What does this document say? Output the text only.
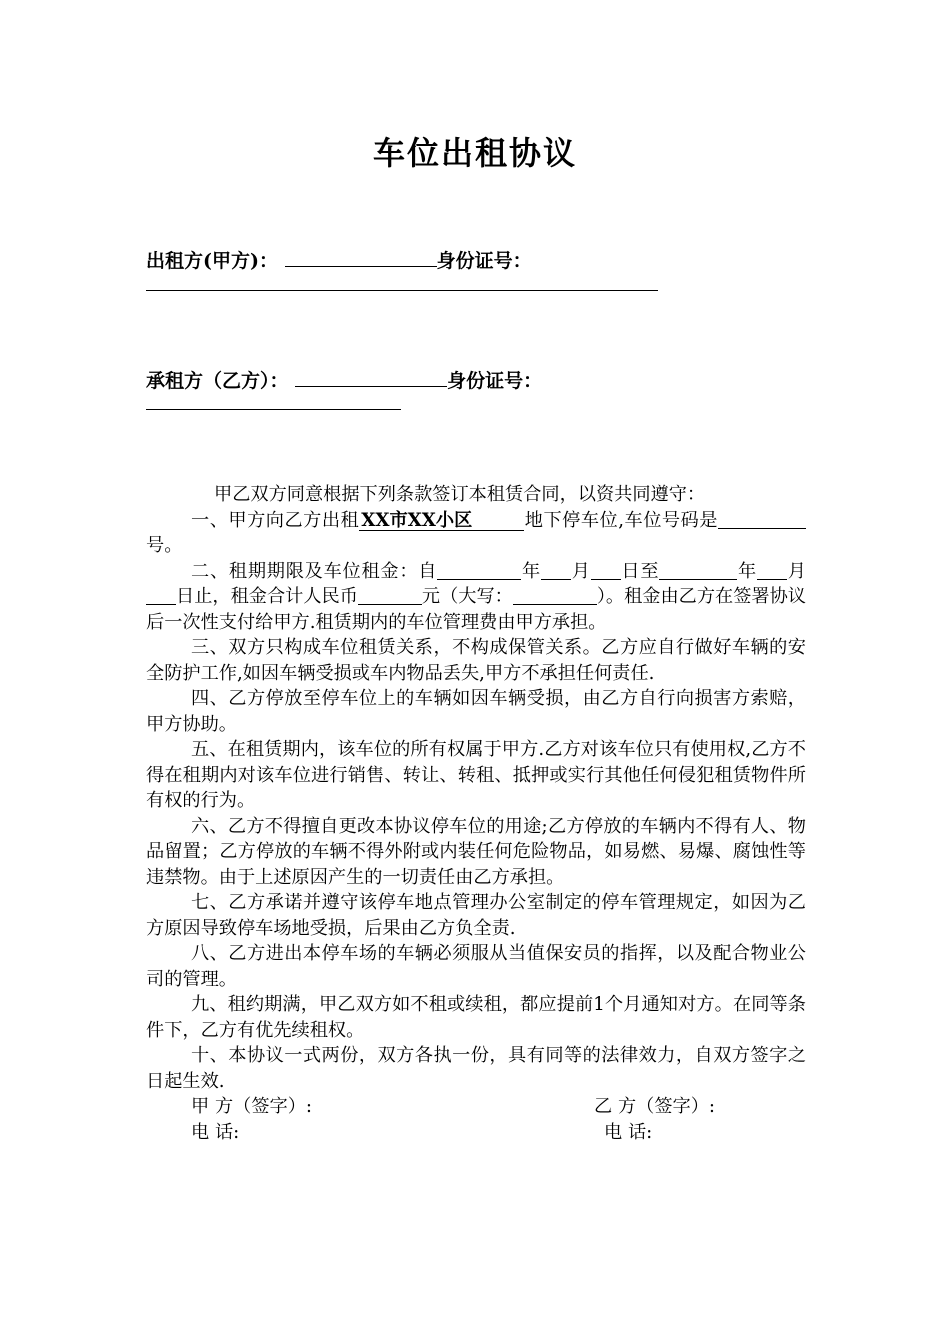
车位出租协议
出租方(甲方)：	身份证号：
承租方（乙方）：	身份证号：

甲乙双方同意根据下列条款签订本租赁合同，以资共同遵守：

一、甲方向乙方出租 XX市XX小区	地下停车位,车位号码是号。

二、租期期限及车位租金：自	年 月 日至	年 月日止，租金合计人民币	元（大写：	）。租金由乙方在签署协议后一次性支付给甲方.租赁期内的车位管理费由甲方承担。

三、双方只构成车位租赁关系，不构成保管关系。乙方应自行做好车辆的安全防护工作,如因车辆受损或车内物品丢失,甲方不承担任何责任.

四、乙方停放至停车位上的车辆如因车辆受损，由乙方自行向损害方索赔，甲方协助。

五、在租赁期内，该车位的所有权属于甲方.乙方对该车位只有使用权,乙方不得在租期内对该车位进行销售、转让、转租、抵押或实行其他任何侵犯租赁物件所有权的行为。

六、乙方不得擅自更改本协议停车位的用途;乙方停放的车辆内不得有人、物品留置；乙方停放的车辆不得外附或内装任何危险物品，如易燃、易爆、腐蚀性等违禁物。由于上述原因产生的一切责任由乙方承担。

七、乙方承诺并遵守该停车地点管理办公室制定的停车管理规定，如因为乙方原因导致停车场地受损，后果由乙方负全责.

八、乙方进出本停车场的车辆必须服从当值保安员的指挥，以及配合物业公司的管理。

九、租约期满，甲乙双方如不租或续租，都应提前1个月通知对方。在同等条件下，乙方有优先续租权。

十、本协议一式两份，双方各执一份，具有同等的法律效力，自双方签字之日起生效.

甲 方（签字）:	乙 方（签字）:
电 话:	电 话:
